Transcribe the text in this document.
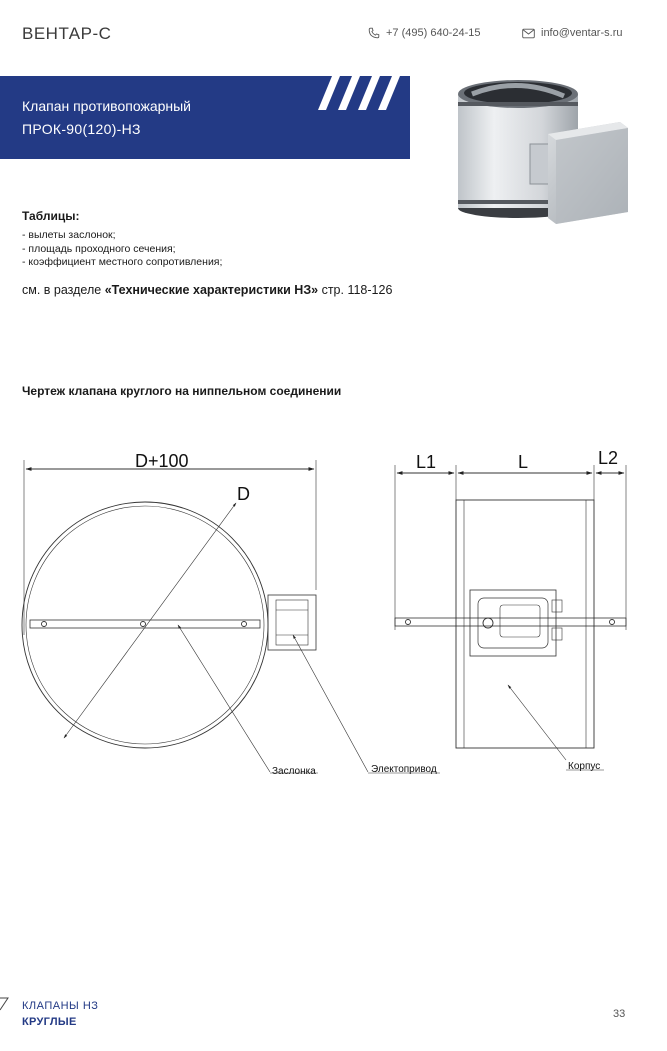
ВЕНТАР-С	+7 (495) 640-24-15	info@ventar-s.ru
Клапан противопожарный
ПРОК-90(120)-НЗ
Таблицы:
- вылеты заслонок;
- площадь проходного сечения;
- коэффициент местного сопротивления;
см. в разделе «Технические характеристики НЗ» стр. 118-126
Чертеж клапана круглого на ниппельном соединении
D+100
D
L1	L	L2
Заслонка	Электопривод	Корпус
КЛАПАНЫ НЗ
КРУГЛЫЕ
33
